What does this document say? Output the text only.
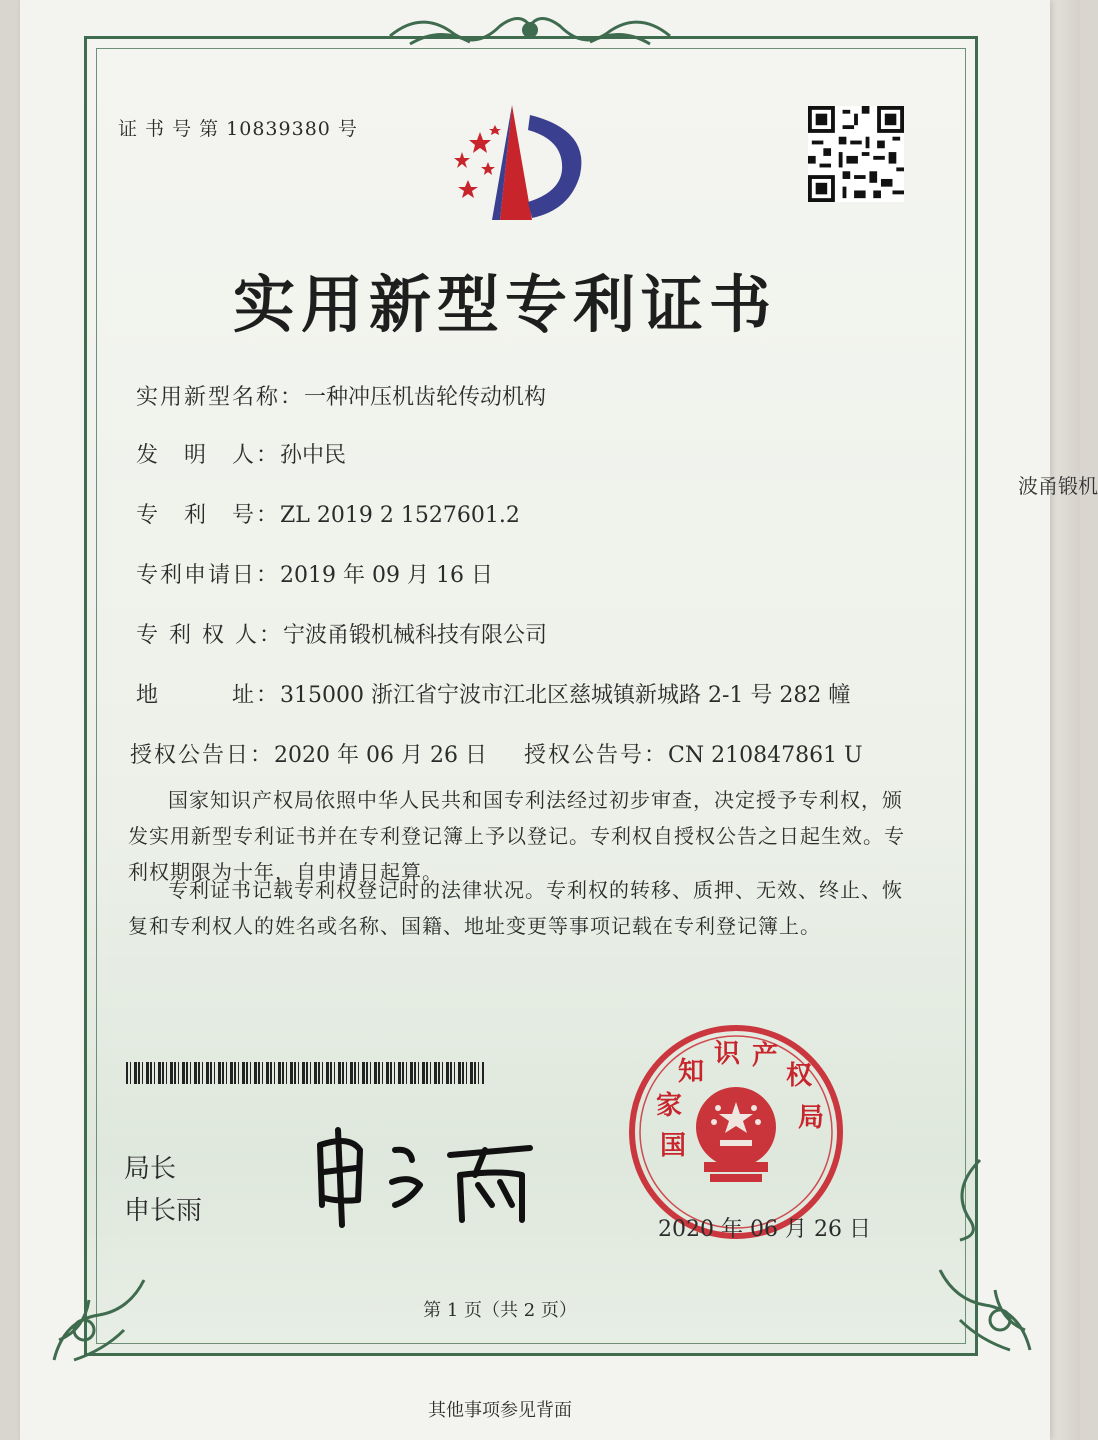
波甬锻机
证 书 号 第 10839380 号
实用新型专利证书
实用新型名称：一种冲压机齿轮传动机构
发　明　人：孙中民
专　利　号：ZL 2019 2 1527601.2
专利申请日：2019 年 09 月 16 日
专 利 权 人：宁波甬锻机械科技有限公司
地　　　址：315000 浙江省宁波市江北区慈城镇新城路 2-1 号 282 幢
授权公告日：2020 年 06 月 26 日 授权公告号：CN 210847861 U
国家知识产权局依照中华人民共和国专利法经过初步审查，决定授予专利权，颁发实用新型专利证书并在专利登记簿上予以登记。专利权自授权公告之日起生效。专利权期限为十年，自申请日起算。
专利证书记载专利权登记时的法律状况。专利权的转移、质押、无效、终止、恢复和专利权人的姓名或名称、国籍、地址变更等事项记载在专利登记簿上。
局长
申长雨
国
家
知
识 产
权
局
2020 年 06 月 26 日
第 1 页（共 2 页）
其他事项参见背面
